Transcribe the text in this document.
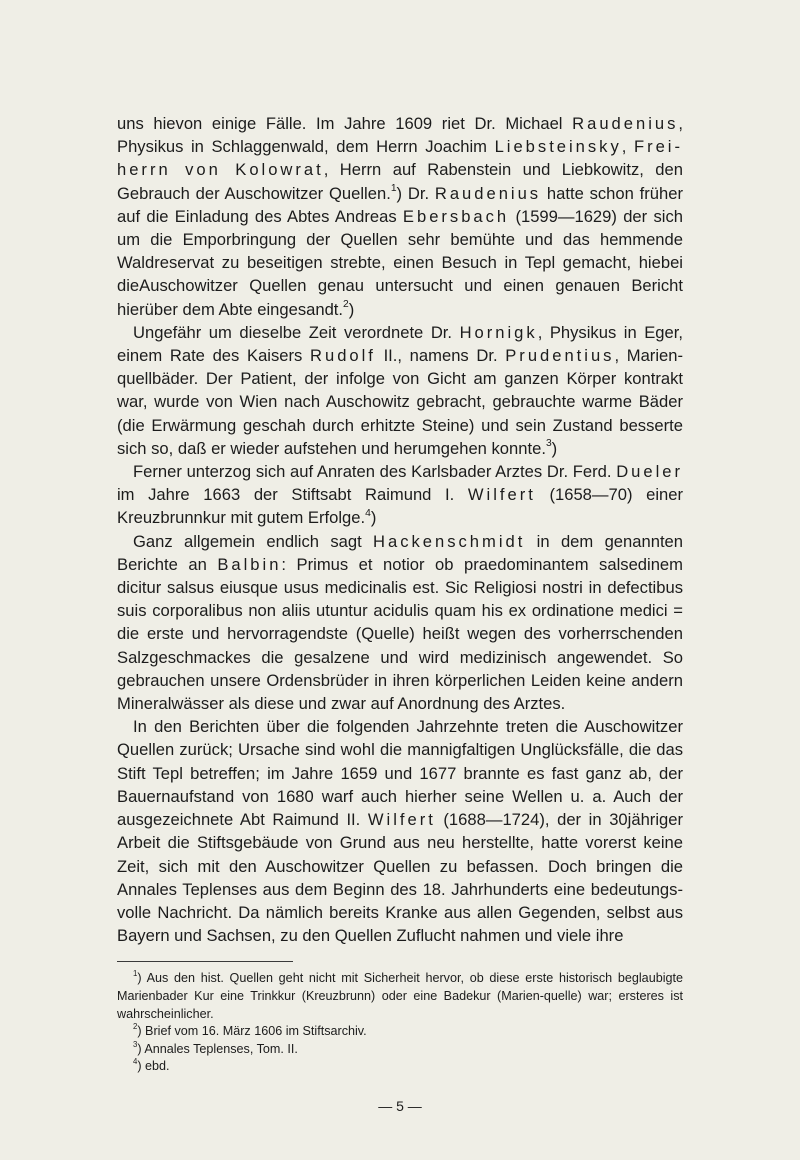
uns hievon einige Fälle. Im Jahre 1609 riet Dr. Michael Raudenius, Physikus in Schlaggenwald, dem Herrn Joachim Liebsteinsky, Frei-herrn von Kolowrat, Herrn auf Rabenstein und Liebkowitz, den Gebrauch der Auschowitzer Quellen.$^1$) Dr. Raudenius hatte schon früher auf die Einladung des Abtes Andreas Ebersbach (1599—1629) der sich um die Emporbringung der Quellen sehr bemühte und das hemmende Waldreservat zu beseitigen strebte, einen Besuch in Tepl gemacht, hiebei dieAuschowitzer Quellen genau untersucht und einen genauen Bericht hierüber dem Abte eingesandt.$^2$)
Ungefähr um dieselbe Zeit verordnete Dr. Hornigk, Physikus in Eger, einem Rate des Kaisers Rudolf II., namens Dr. Prudentius, Marien-quellbäder. Der Patient, der infolge von Gicht am ganzen Körper kontrakt war, wurde von Wien nach Auschowitz gebracht, gebrauchte warme Bäder (die Erwärmung geschah durch erhitzte Steine) und sein Zustand besserte sich so, daß er wieder aufstehen und herumgehen konnte.$^3$)
Ferner unterzog sich auf Anraten des Karlsbader Arztes Dr. Ferd. Dueler im Jahre 1663 der Stiftsabt Raimund I. Wilfert (1658—70) einer Kreuzbrunnkur mit gutem Erfolge.$^4$)
Ganz allgemein endlich sagt Hackenschmidt in dem genannten Berichte an Balbin: Primus et notior ob praedominantem salsedinem dicitur salsus eiusque usus medicinalis est. Sic Religiosi nostri in defectibus suis corporalibus non aliis utuntur acidulis quam his ex ordinatione medici = die erste und hervorragendste (Quelle) heißt wegen des vorherrschenden Salzgeschmackes die gesalzene und wird medizinisch angewendet. So gebrauchen unsere Ordensbrüder in ihren körperlichen Leiden keine andern Mineralwässer als diese und zwar auf Anordnung des Arztes.
In den Berichten über die folgenden Jahrzehnte treten die Auschowitzer Quellen zurück; Ursache sind wohl die mannigfaltigen Unglücksfälle, die das Stift Tepl betreffen; im Jahre 1659 und 1677 brannte es fast ganz ab, der Bauernaufstand von 1680 warf auch hierher seine Wellen u. a. Auch der ausgezeichnete Abt Raimund II. Wilfert (1688—1724), der in 30jähriger Arbeit die Stiftsgebäude von Grund aus neu herstellte, hatte vorerst keine Zeit, sich mit den Auschowitzer Quellen zu befassen. Doch bringen die Annales Teplenses aus dem Beginn des 18. Jahrhunderts eine bedeutungs-volle Nachricht. Da nämlich bereits Kranke aus allen Gegenden, selbst aus Bayern und Sachsen, zu den Quellen Zuflucht nahmen und viele ihre
$^1$) Aus den hist. Quellen geht nicht mit Sicherheit hervor, ob diese erste historisch beglaubigte Marienbader Kur eine Trinkkur (Kreuzbrunn) oder eine Badekur (Marien-quelle) war; ersteres ist wahrscheinlicher.
$^2$) Brief vom 16. März 1606 im Stiftsarchiv.
$^3$) Annales Teplenses, Tom. II.
$^4$) ebd.
— 5 —
